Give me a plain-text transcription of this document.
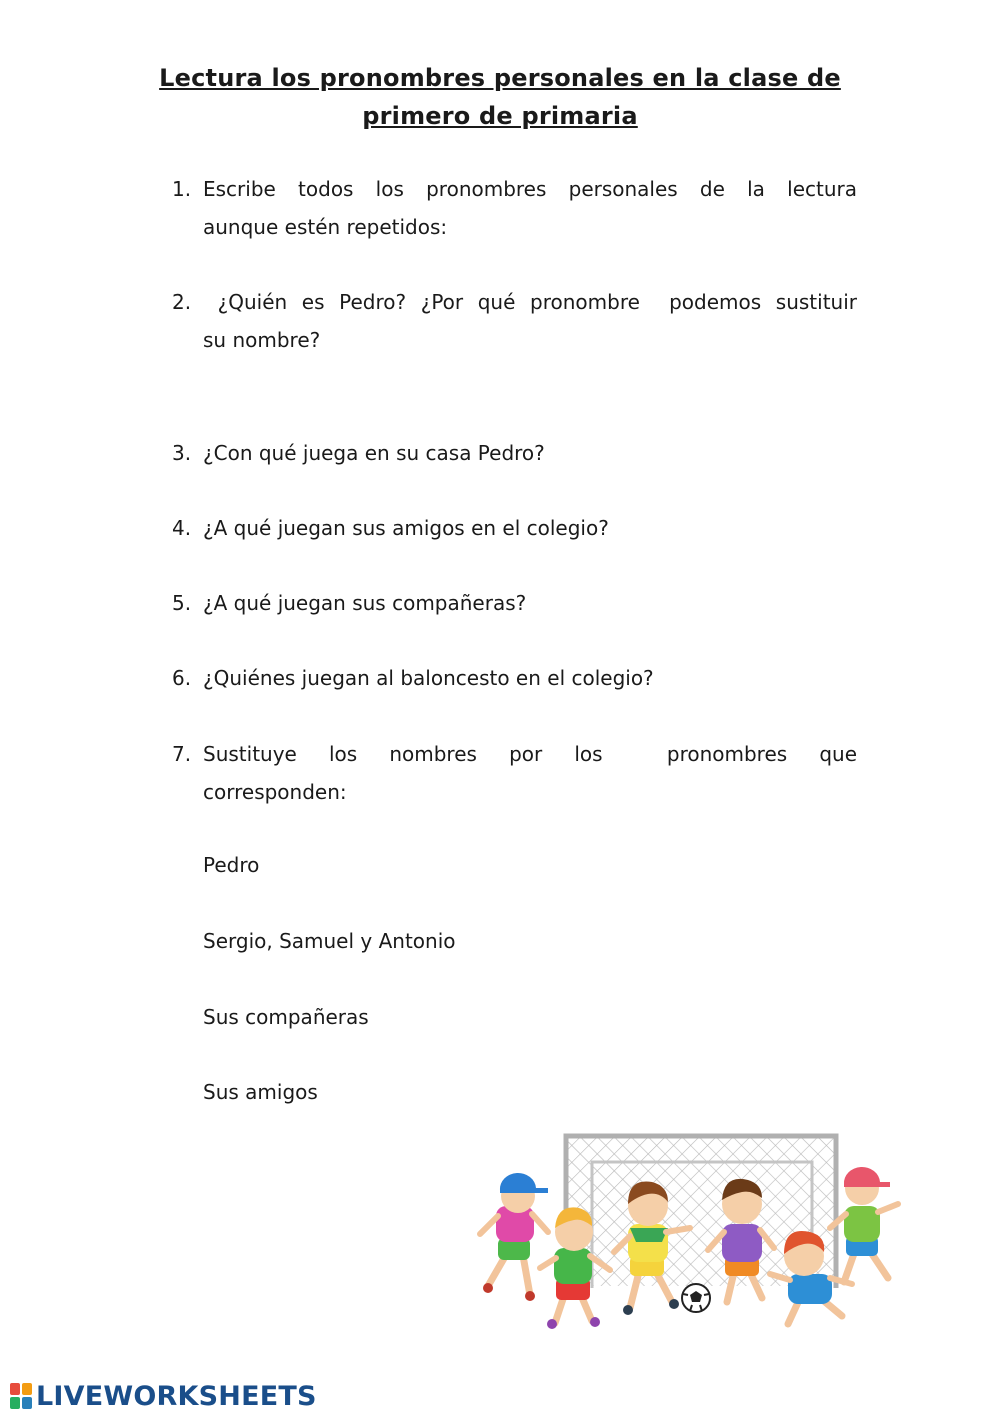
Lectura los pronombres personales en la clase de
primero de primaria
1. Escribe todos los pronombres personales de la lectura
aunque estén repetidos:
2. ¿Quién es Pedro? ¿Por qué pronombre  podemos sustituir
su nombre?
3. ¿Con qué juega en su casa Pedro?
4. ¿A qué juegan sus amigos en el colegio?
5. ¿A qué juegan sus compañeras?
6. ¿Quiénes juegan al baloncesto en el colegio?
7. Sustituye los nombres por los  pronombres que
corresponden:
Pedro
Sergio, Samuel y Antonio
Sus compañeras
Sus amigos
LIVEWORKSHEETS
